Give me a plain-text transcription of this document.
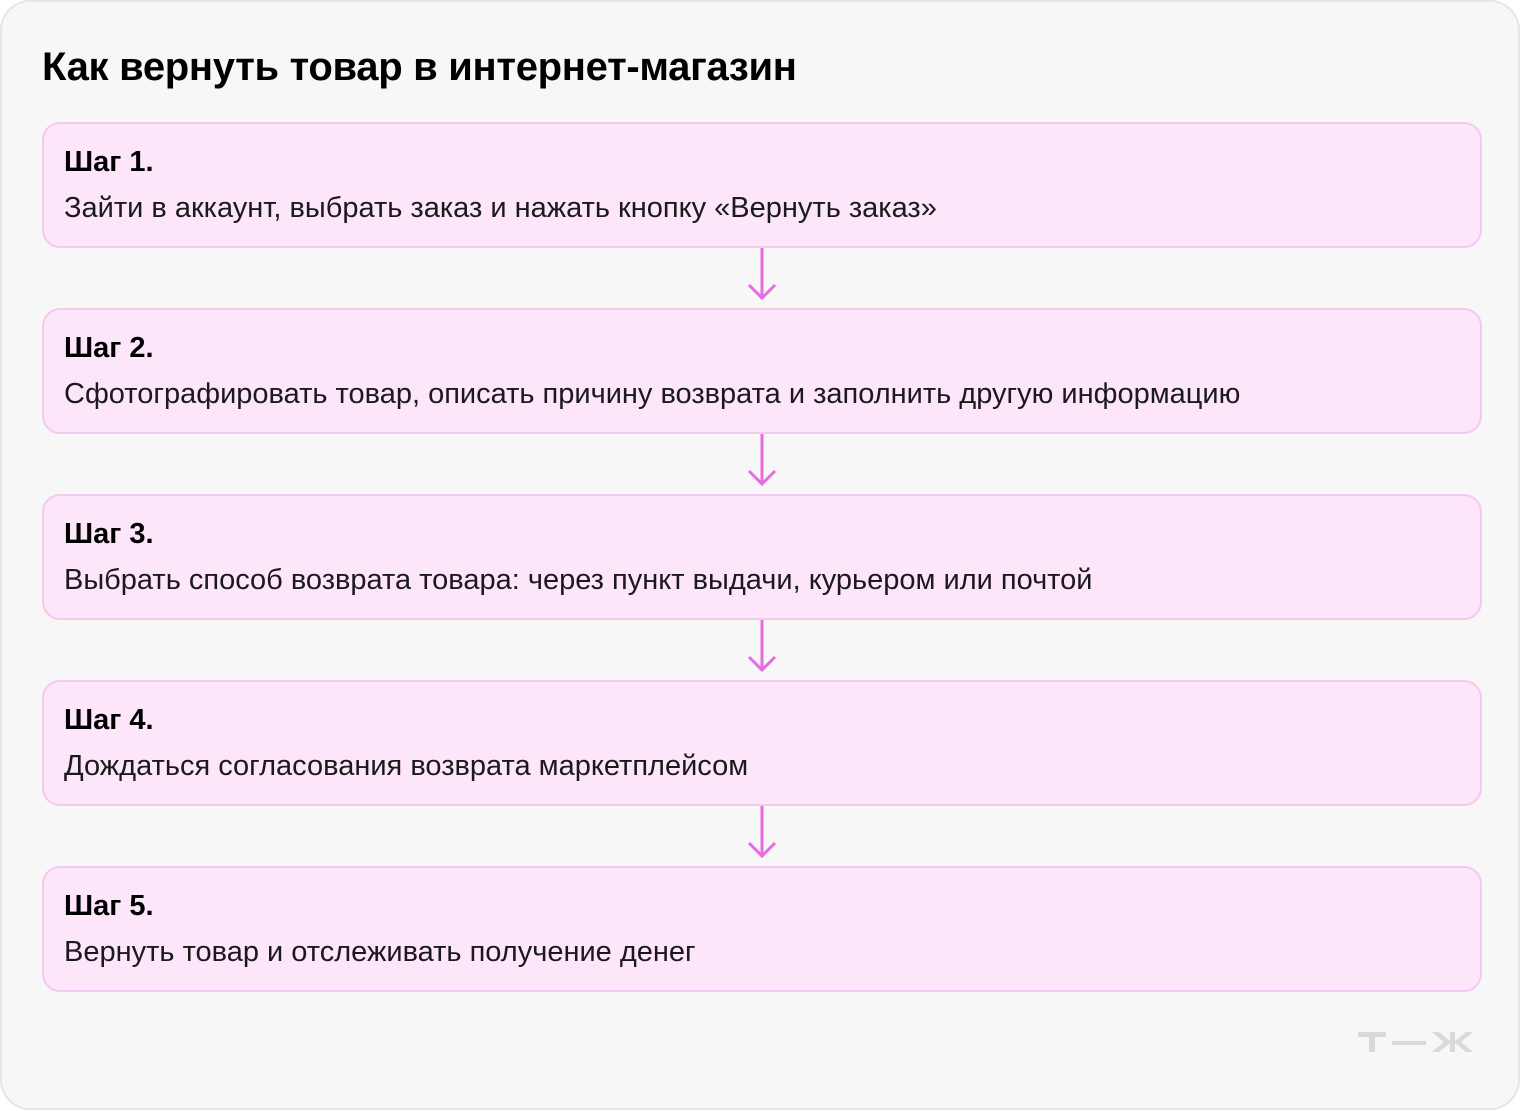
Как вернуть товар в интернет-магазин
Шаг 1.
Зайти в аккаунт, выбрать заказ и нажать кнопку «Вернуть заказ»
Шаг 2.
Сфотографировать товар, описать причину возврата и заполнить другую информацию
Шаг 3.
Выбрать способ возврата товара: через пункт выдачи, курьером или почтой
Шаг 4.
Дождаться согласования возврата маркетплейсом
Шаг 5.
Вернуть товар и отслеживать получение денег
